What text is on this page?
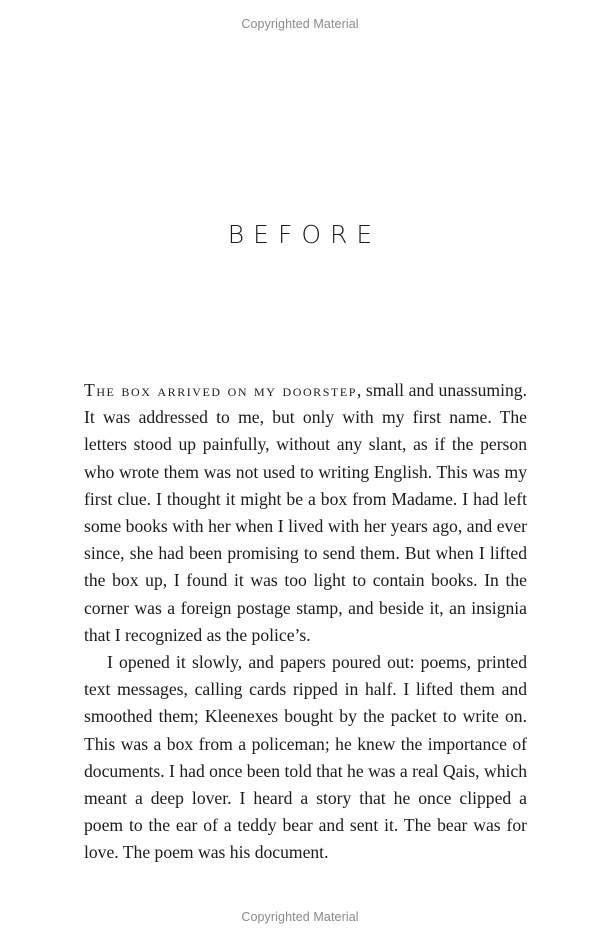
Copyrighted Material
BEFORE

The box arrived on my doorstep, small and unassuming. It was addressed to me, but only with my first name. The letters stood up painfully, without any slant, as if the person who wrote them was not used to writing English. This was my first clue. I thought it might be a box from Madame. I had left some books with her when I lived with her years ago, and ever since, she had been promising to send them. But when I lifted the box up, I found it was too light to contain books. In the corner was a foreign postage stamp, and beside it, an insignia that I recognized as the police’s.

I opened it slowly, and papers poured out: poems, printed text messages, calling cards ripped in half. I lifted them and smoothed them; Kleenexes bought by the packet to write on. This was a box from a policeman; he knew the importance of documents. I had once been told that he was a real Qais, which meant a deep lover. I heard a story that he once clipped a poem to the ear of a teddy bear and sent it. The bear was for love. The poem was his document.

Copyrighted Material
